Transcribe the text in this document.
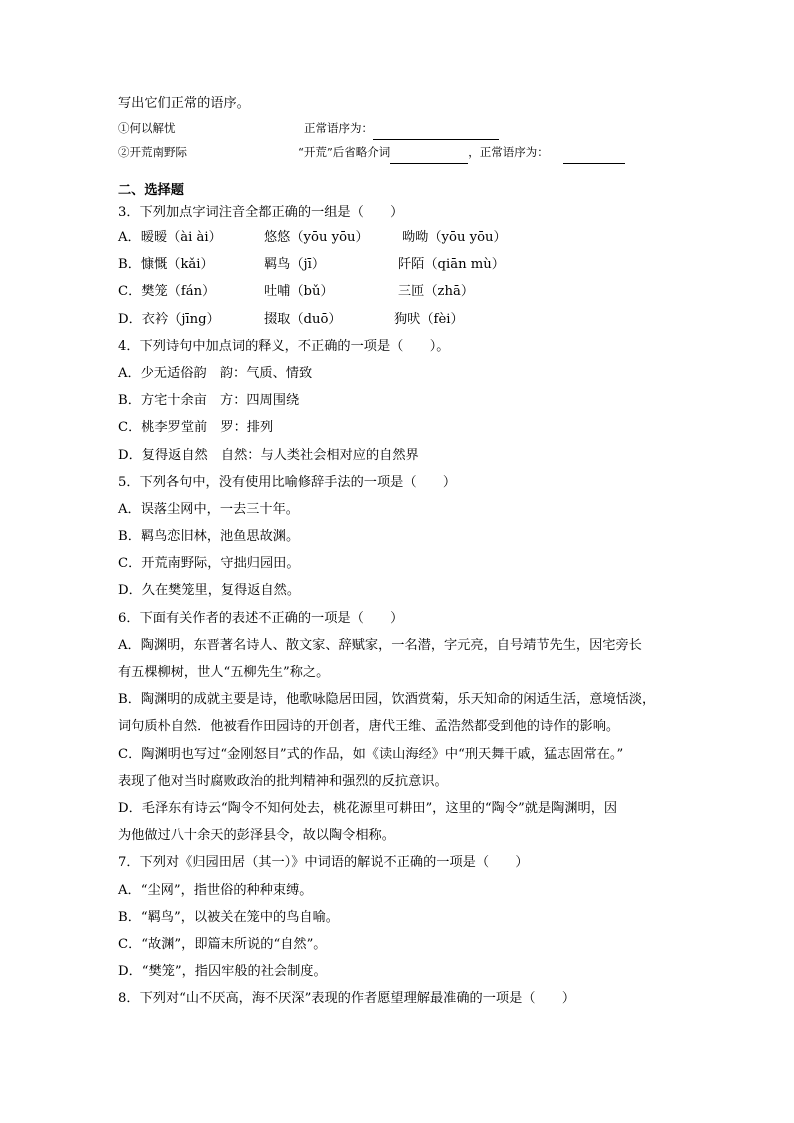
写出它们正常的语序。
①何以解忧	正常语序为：
②开荒南野际	“开荒”后省略介词	，正常语序为：
二、选择题
3．下列加点字词注音全都正确的一组是（　　）
A．暧暧（ài ài）	悠悠（yōu yōu）	呦呦（yōu yōu）
B．慷慨（kǎi）	羁鸟（jī）	阡陌（qiān mù）
C．樊笼（fán）	吐哺（bǔ）	三匝（zhā）
D．衣衿（jīng）	掇取（duō）	狗吠（fèi）
4．下列诗句中加点词的释义，不正确的一项是（　　）。
A．少无适俗韵　韵：气质、情致
B．方宅十余亩　方：四周围绕
C．桃李罗堂前　罗：排列
D．复得返自然　自然：与人类社会相对应的自然界
5．下列各句中，没有使用比喻修辞手法的一项是（　　）
A．误落尘网中，一去三十年。
B．羁鸟恋旧林，池鱼思故渊。
C．开荒南野际，守拙归园田。
D．久在樊笼里，复得返自然。
6．下面有关作者的表述不正确的一项是（　　）
A．陶渊明，东晋著名诗人、散文家、辞赋家，一名潜，字元亮，自号靖节先生，因宅旁长
有五棵柳树，世人“五柳先生”称之。
B．陶渊明的成就主要是诗，他歌咏隐居田园，饮酒赏菊，乐天知命的闲适生活，意境恬淡，
词句质朴自然．他被看作田园诗的开创者，唐代王维、孟浩然都受到他的诗作的影响。
C．陶渊明也写过“金刚怒目”式的作品，如《读山海经》中“刑天舞干戚，猛志固常在。”
表现了他对当时腐败政治的批判精神和强烈的反抗意识。
D．毛泽东有诗云“陶令不知何处去，桃花源里可耕田”，这里的“陶令”就是陶渊明，因
为他做过八十余天的彭泽县令，故以陶令相称。
7．下列对《归园田居（其一）》中词语的解说不正确的一项是（　　）
A．“尘网”，指世俗的种种束缚。
B．“羁鸟”，以被关在笼中的鸟自喻。
C．“故渊”，即篇末所说的“自然”。
D．“樊笼”，指囚牢般的社会制度。
8．下列对“山不厌高，海不厌深”表现的作者愿望理解最准确的一项是（　　）
